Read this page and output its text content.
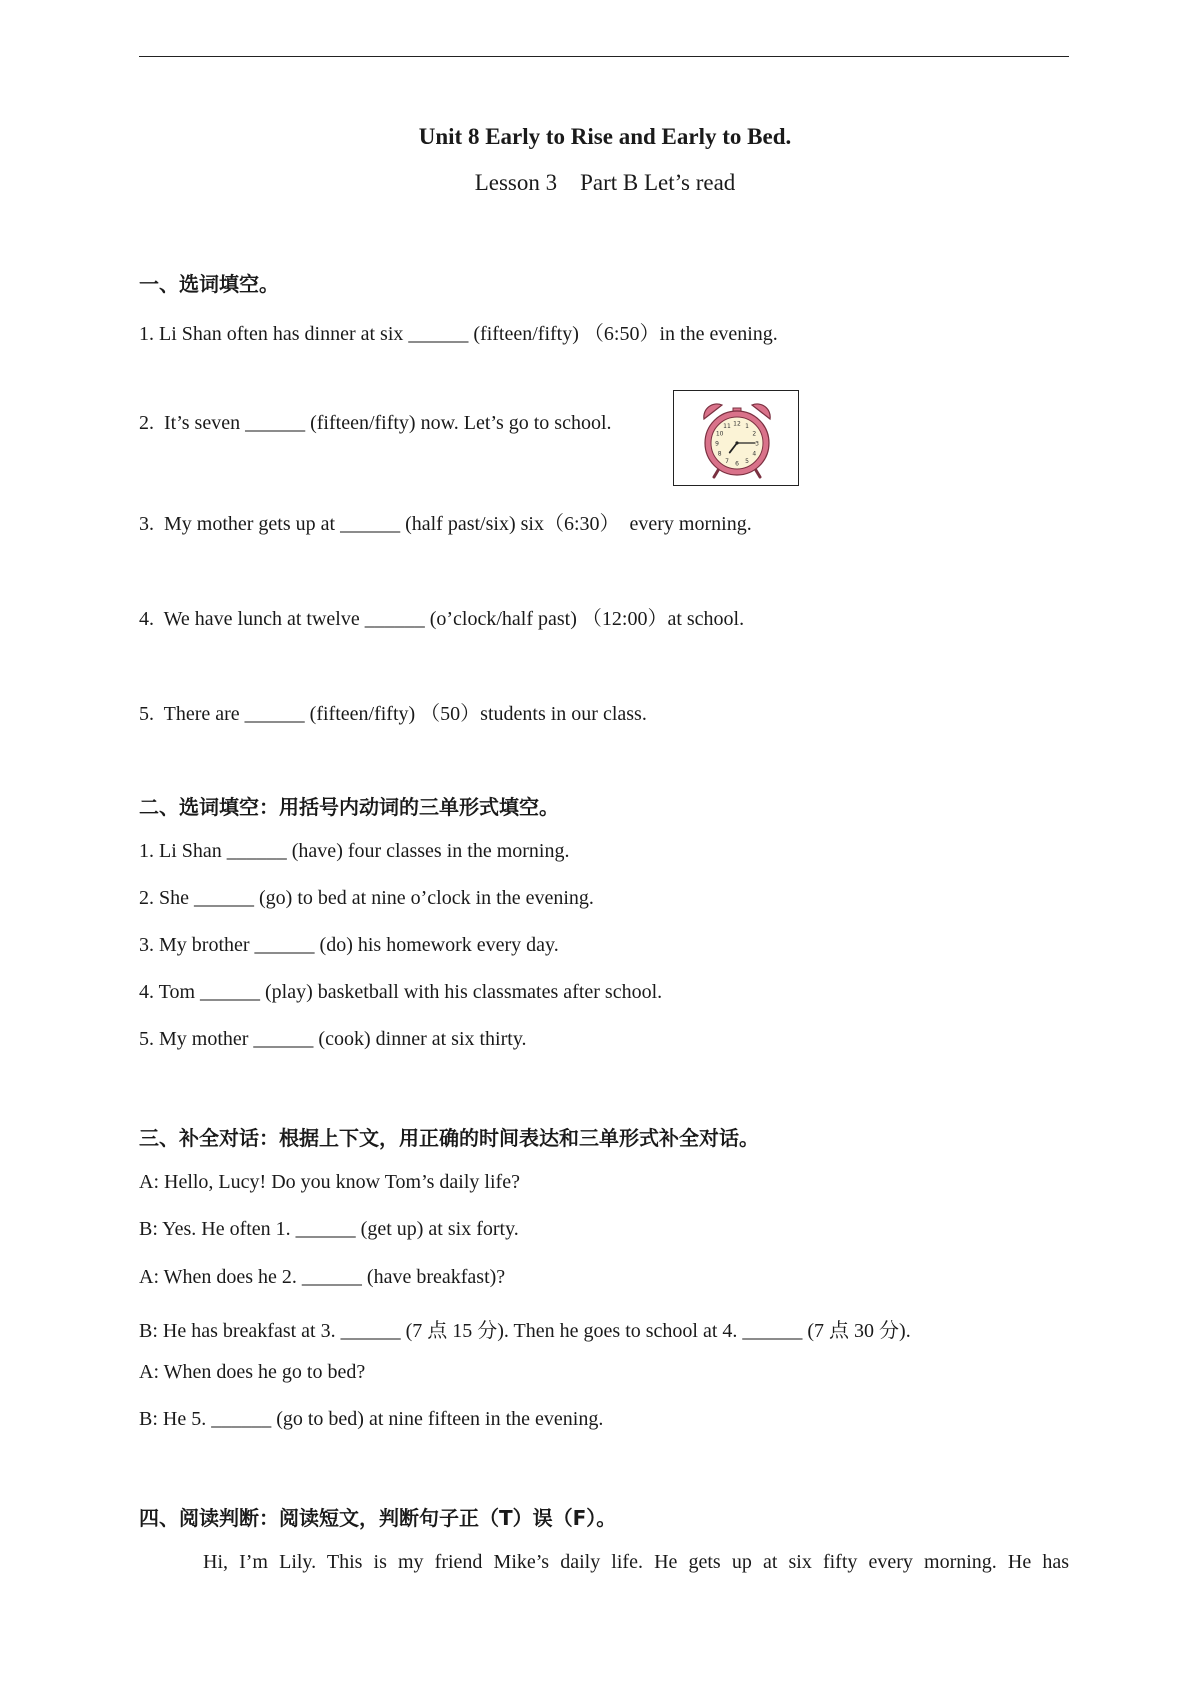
Unit 8 Early to Rise and Early to Bed.
Lesson 3    Part B Let’s read
一、选词填空。
1. Li Shan often has dinner at six ______ (fifteen/fifty) （6:50）in the evening.
2.  It’s seven ______ (fifteen/fifty) now. Let’s go to school.	12 1
2
3
4
5
6
7
8
9
10
11
3.  My mother gets up at ______ (half past/six) six（6:30）  every morning.
4.  We have lunch at twelve ______ (o’clock/half past) （12:00）at school.
5.  There are ______ (fifteen/fifty) （50）students in our class.
二、选词填空：用括号内动词的三单形式填空。
1. Li Shan ______ (have) four classes in the morning.
2. She ______ (go) to bed at nine o’clock in the evening.
3. My brother ______ (do) his homework every day.
4. Tom ______ (play) basketball with his classmates after school.
5. My mother ______ (cook) dinner at six thirty.
三、补全对话：根据上下文，用正确的时间表达和三单形式补全对话。
A: Hello, Lucy! Do you know Tom’s daily life?
B: Yes. He often 1. ______ (get up) at six forty.
A: When does he 2. ______ (have breakfast)?
B: He has breakfast at 3. ______ (7 点 15 分). Then he goes to school at 4. ______ (7 点 30 分).
A: When does he go to bed?
B: He 5. ______ (go to bed) at nine fifteen in the evening.
四、阅读判断：阅读短文，判断句子正（T）误（F）。
Hi, I’m Lily. This is my friend Mike’s daily life. He gets up at six fifty every morning. He has
